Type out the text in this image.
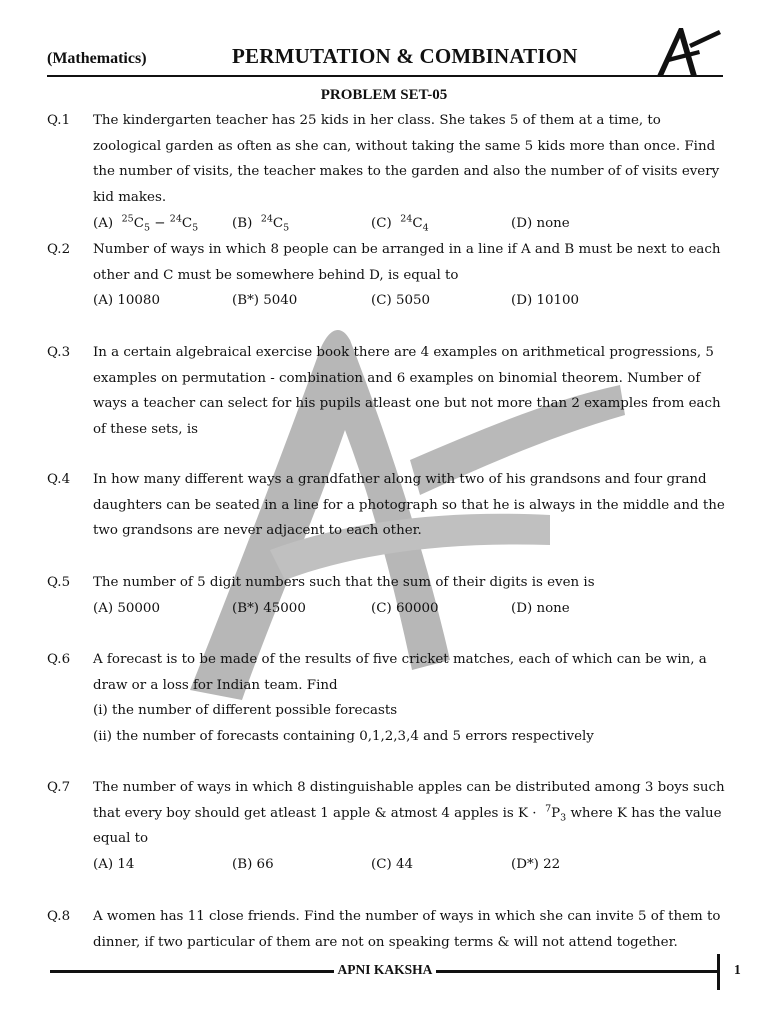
(Mathematics)	PERMUTATION & COMBINATION
PROBLEM SET-05
Q.1 The kindergarten teacher has 25 kids in her class. She takes 5 of them at a time, to zoological garden as often as she can, without taking the same 5 kids more than once. Find the number of visits, the teacher makes to the garden and also the number of of visits every kid makes.
(A) $^{25}C_5 - ^{24}C_5$	(B) $^{24}C_5$	(C) $^{24}C_4$	(D) none
Q.2 Number of ways in which 8 people can be arranged in a line if A and B must be next to each other and C must be somewhere behind D, is equal to
(A) 10080	(B*) 5040	(C) 5050	(D) 10100
Q.3 In a certain algebraical exercise book there are 4 examples on arithmetical progressions, 5 examples on permutation - combination and 6 examples on binomial theorem. Number of ways a teacher can select for his pupils atleast one but not more than 2 examples from each of these sets, is
Q.4 In how many different ways a grandfather along with two of his grandsons and four grand daughters can be seated in a line for a photograph so that he is always in the middle and the two grandsons are never adjacent to each other.
Q.5 The number of 5 digit numbers such that the sum of their digits is even is
(A) 50000	(B*) 45000	(C) 60000	(D) none
Q.6 A forecast is to be made of the results of five cricket matches, each of which can be win, a draw or a loss for Indian team. Find
(i) the number of different possible forecasts
(ii) the number of forecasts containing 0,1,2,3,4 and 5 errors respectively
Q.7 The number of ways in which 8 distinguishable apples can be distributed among 3 boys such that every boy should get atleast 1 apple & atmost 4 apples is $K \cdot ^7P_3$ where K has the value equal to
(A) 14	(B) 66	(C) 44	(D*) 22
Q.8 A women has 11 close friends. Find the number of ways in which she can invite 5 of them to dinner, if two particular of them are not on speaking terms & will not attend together.
APNI KAKSHA	1
